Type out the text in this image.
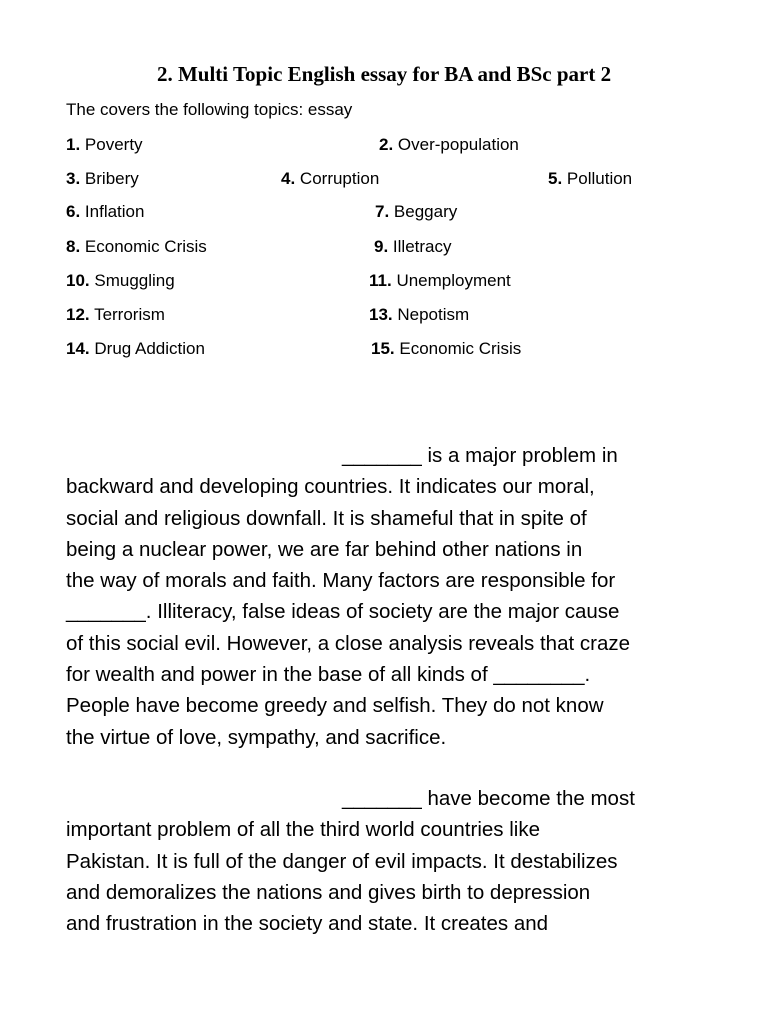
2. Multi Topic English essay for BA and BSc part 2
The covers the following topics: essay
1. Poverty	2. Over-population
3. Bribery	4. Corruption	5. Pollution
6. Inflation	7. Beggary
8. Economic Crisis	9. Illetracy
10. Smuggling	11. Unemployment
12. Terrorism	13. Nepotism
14. Drug Addiction	15. Economic Crisis
_______ is a major problem in
backward and developing countries. It indicates our moral,
social and religious downfall. It is shameful that in spite of
being a nuclear power, we are far behind other nations in
the way of morals and faith. Many factors are responsible for
_______. Illiteracy, false ideas of society are the major cause
of this social evil. However, a close analysis reveals that craze
for wealth and power in the base of all kinds of ________.
People have become greedy and selfish. They do not know
the virtue of love, sympathy, and sacrifice.
_______ have become the most
important problem of all the third world countries like
Pakistan. It is full of the danger of evil impacts. It destabilizes
and demoralizes the nations and gives birth to depression
and frustration in the society and state. It creates and
